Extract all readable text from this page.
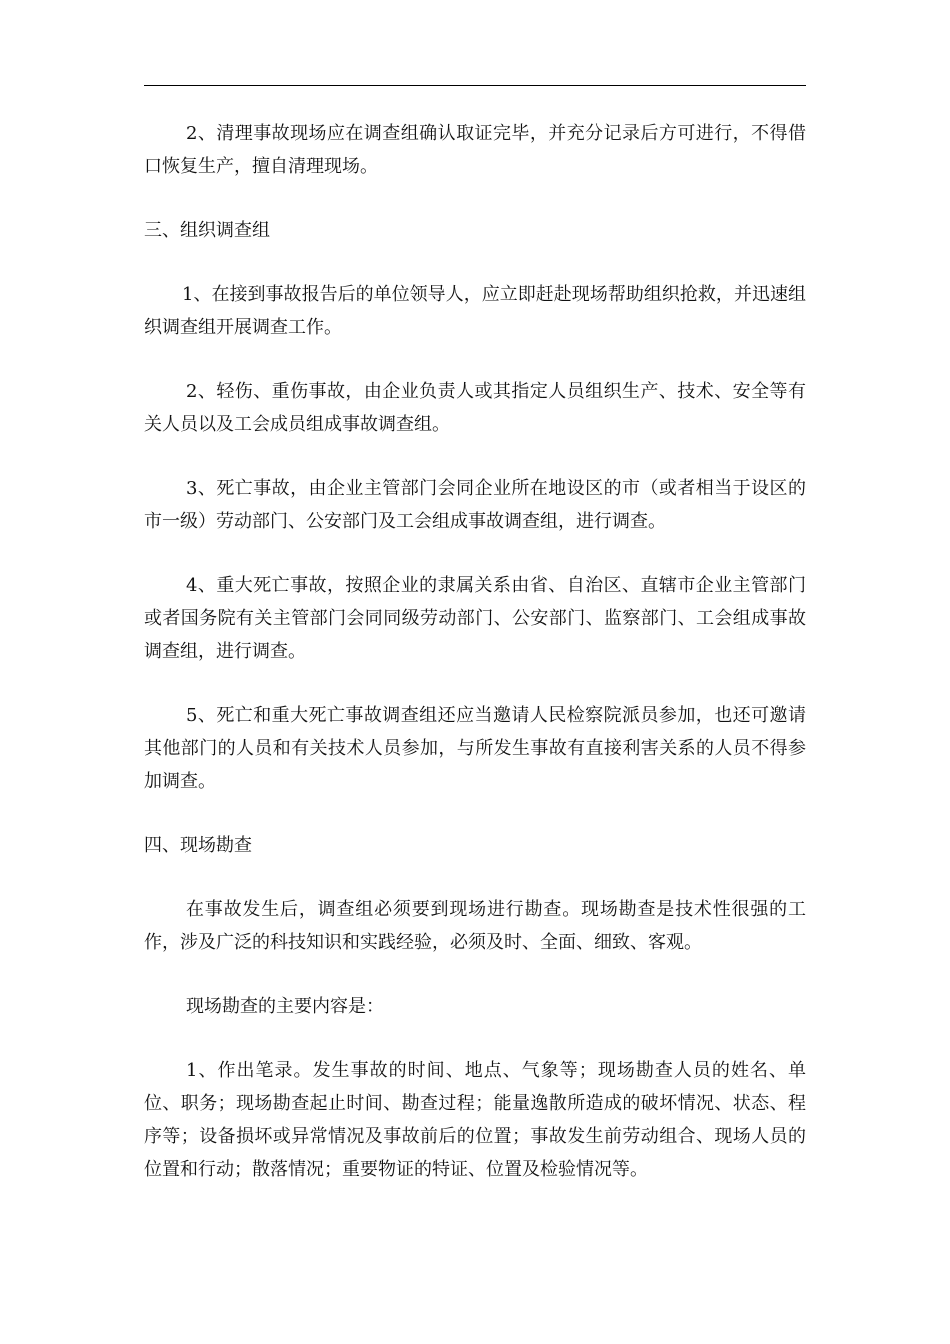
2、清理事故现场应在调查组确认取证完毕，并充分记录后方可进行，不得借口恢复生产，擅自清理现场。

三、组织调查组

1、在接到事故报告后的单位领导人，应立即赶赴现场帮助组织抢救，并迅速组织调查组开展调查工作。

2、轻伤、重伤事故，由企业负责人或其指定人员组织生产、技术、安全等有关人员以及工会成员组成事故调查组。

3、死亡事故，由企业主管部门会同企业所在地设区的市（或者相当于设区的市一级）劳动部门、公安部门及工会组成事故调查组，进行调查。

4、重大死亡事故，按照企业的隶属关系由省、自治区、直辖市企业主管部门或者国务院有关主管部门会同同级劳动部门、公安部门、监察部门、工会组成事故调查组，进行调查。

5、死亡和重大死亡事故调查组还应当邀请人民检察院派员参加，也还可邀请其他部门的人员和有关技术人员参加，与所发生事故有直接利害关系的人员不得参加调查。

四、现场勘查

在事故发生后，调查组必须要到现场进行勘查。现场勘查是技术性很强的工作，涉及广泛的科技知识和实践经验，必须及时、全面、细致、客观。

现场勘查的主要内容是：

1、作出笔录。发生事故的时间、地点、气象等；现场勘查人员的姓名、单位、职务；现场勘查起止时间、勘查过程；能量逸散所造成的破坏情况、状态、程序等；设备损坏或异常情况及事故前后的位置；事故发生前劳动组合、现场人员的位置和行动；散落情况；重要物证的特证、位置及检验情况等。
